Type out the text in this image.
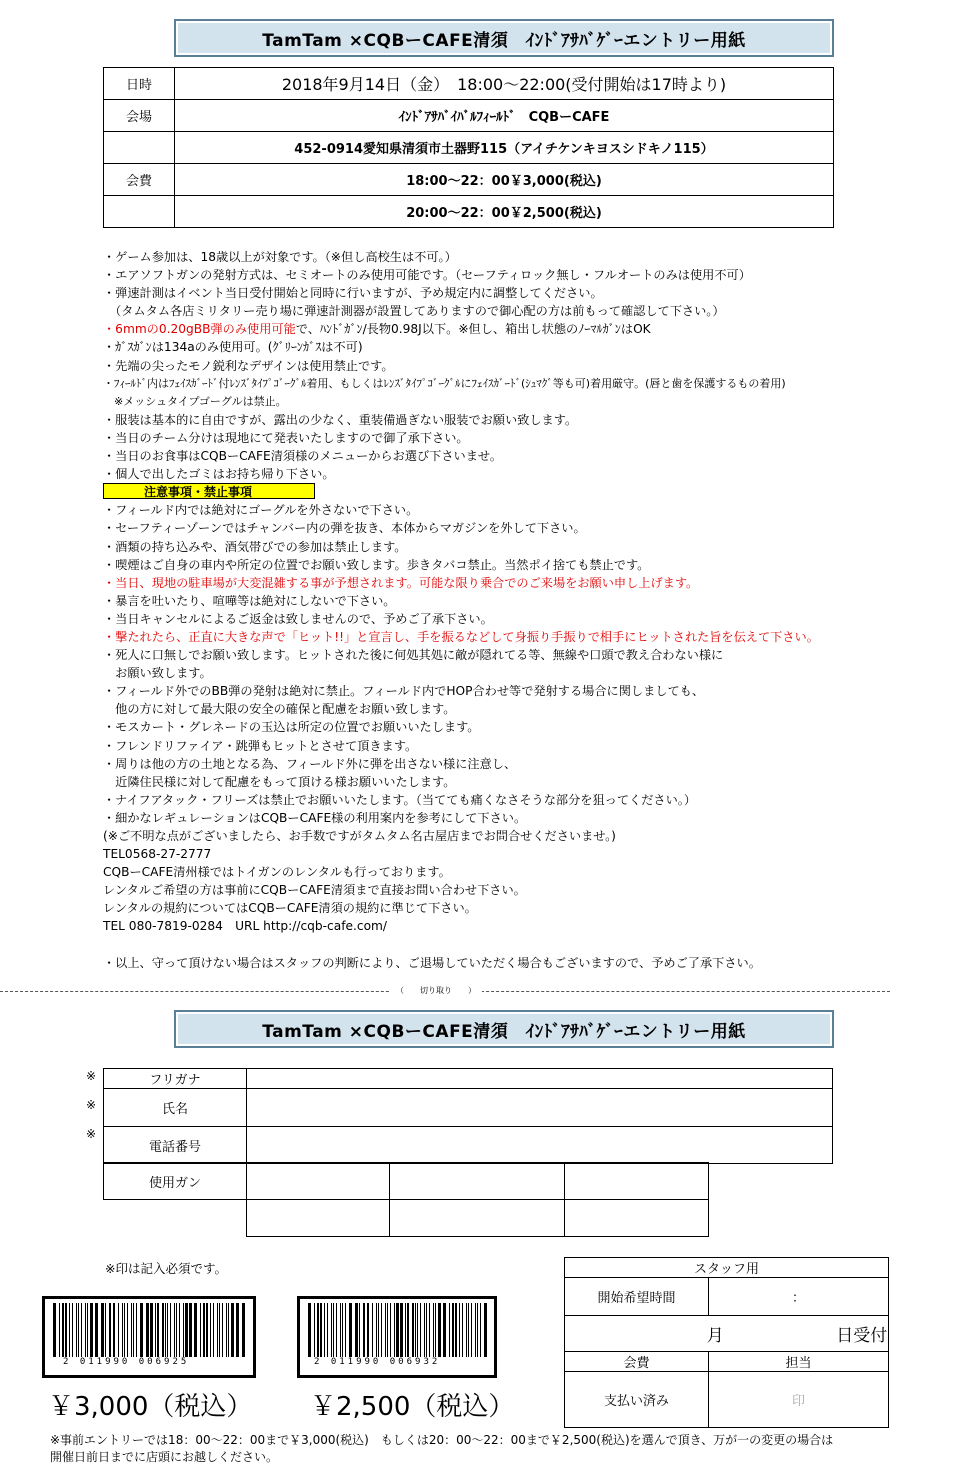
TamTam ×CQBーCAFE清須　ｲﾝﾄﾞｱｻﾊﾞｹﾞｰエントリー用紙
日時	2018年9月14日（金）　18:00～22:00(受付開始は17時より)
会場	ｲﾝﾄﾞｱｻﾊﾞｲﾊﾞﾙﾌｨｰﾙﾄﾞ　CQBーCAFE
	452-0914愛知県清須市土器野115（アイチケンキヨスシドキノ115）
会費	18:00～22：00￥3,000(税込)
	20:00～22：00￥2,500(税込)
・ゲーム参加は、18歳以上が対象です。（※但し高校生は不可。）
・エアソフトガンの発射方式は、セミオートのみ使用可能です。（セーフティロック無し・フルオートのみは使用不可）
・弾速計測はイベント当日受付開始と同時に行いますが、予め規定内に調整してください。
　（タムタム各店ミリタリー売り場に弾速計測器が設置してありますので御心配の方は前もって確認して下さい。）
・6mmの0.20gBB弾のみ使用可能で、ﾊﾝﾄﾞｶﾞﾝ/長物0.98J以下。※但し、箱出し状態のﾉｰﾏﾙｶﾞﾝはOK
・ｶﾞｽｶﾞﾝは134aのみ使用可。(ｸﾞﾘｰﾝｶﾞｽは不可)
・先端の尖ったモノ鋭利なデザインは使用禁止です。
・ﾌｨｰﾙﾄﾞ内はﾌｪｲｽｶﾞｰﾄﾞ付ﾚﾝｽﾞﾀｲﾌﾟｺﾞｰｸﾞﾙ着用、もしくはﾚﾝｽﾞﾀｲﾌﾟｺﾞｰｸﾞﾙにﾌｪｲｽｶﾞｰﾄﾞ(ｼｭﾏｸﾞ等も可)着用厳守。(唇と歯を保護するもの着用)
　※メッシュタイプゴーグルは禁止。
・服装は基本的に自由ですが、露出の少なく、重装備過ぎない服装でお願い致します。
・当日のチーム分けは現地にて発表いたしますので御了承下さい。
・当日のお食事はCQBーCAFE清須様のメニューからお選び下さいませ。
・個人で出したゴミはお持ち帰り下さい。
注意事項・禁止事項
・フィールド内では絶対にゴーグルを外さないで下さい。
・セーフティーゾーンではチャンバー内の弾を抜き、本体からマガジンを外して下さい。
・酒類の持ち込みや、酒気帯びでの参加は禁止します。
・喫煙はご自身の車内や所定の位置でお願い致します。歩きタバコ禁止。当然ポイ捨ても禁止です。
・当日、現地の駐車場が大変混雑する事が予想されます。可能な限り乗合でのご来場をお願い申し上げます。
・暴言を吐いたり、喧嘩等は絶対にしないで下さい。
・当日キャンセルによるご返金は致しませんので、予めご了承下さい。
・撃たれたら、正直に大きな声で「ヒット!!」と宣言し、手を振るなどして身振り手振りで相手にヒットされた旨を伝えて下さい。
・死人に口無しでお願い致します。ヒットされた後に何処其処に敵が隠れてる等、無線や口頭で教え合わない様に
　お願い致します。
・フィールド外でのBB弾の発射は絶対に禁止。フィールド内でHOP合わせ等で発射する場合に関しましても、
　他の方に対して最大限の安全の確保と配慮をお願い致します。
・モスカート・グレネードの玉込は所定の位置でお願いいたします。
・フレンドリファイア・跳弾もヒットとさせて頂きます。
・周りは他の方の土地となる為、フィールド外に弾を出さない様に注意し、
　近隣住民様に対して配慮をもって頂ける様お願いいたします。
・ナイフアタック・フリーズは禁止でお願いいたします。（当てても痛くなさそうな部分を狙ってください。）
・細かなレギュレーションはCQBーCAFE様の利用案内を参考にして下さい。
(※ご不明な点がございましたら、お手数ですがタムタム名古屋店までお問合せくださいませ。)
TEL0568-27-2777
CQBーCAFE清州様ではトイガンのレンタルも行っております。
レンタルご希望の方は事前にCQBーCAFE清須まで直接お問い合わせ下さい。
レンタルの規約についてはCQBーCAFE清須の規約に準じて下さい。
TEL 080-7819-0284　URL http://cqb-cafe.com/

・以上、守って頂けない場合はスタッフの判断により、ご退場していただく場合もございますので、予めご了承下さい。
（　　切り取り　　）
TamTam ×CQBーCAFE清須　ｲﾝﾄﾞｱｻﾊﾞｹﾞｰエントリー用紙
※
※
※
フリガナ	
氏名	
電話番号	
使用ガン			

※印は記入必須です。	スタッフ用	
開始希望時間	：
月 日受付	
会費	担当
支払い済み	印
2 011990 006925	2 011990 006932
￥3,000（税込） ￥2,500（税込）
※事前エントリーでは18：00～22：00まで￥3,000(税込)　もしくは20：00～22：00まで￥2,500(税込)を選んで頂き、万が一の変更の場合は
開催日前日までに店頭にお越しください。
